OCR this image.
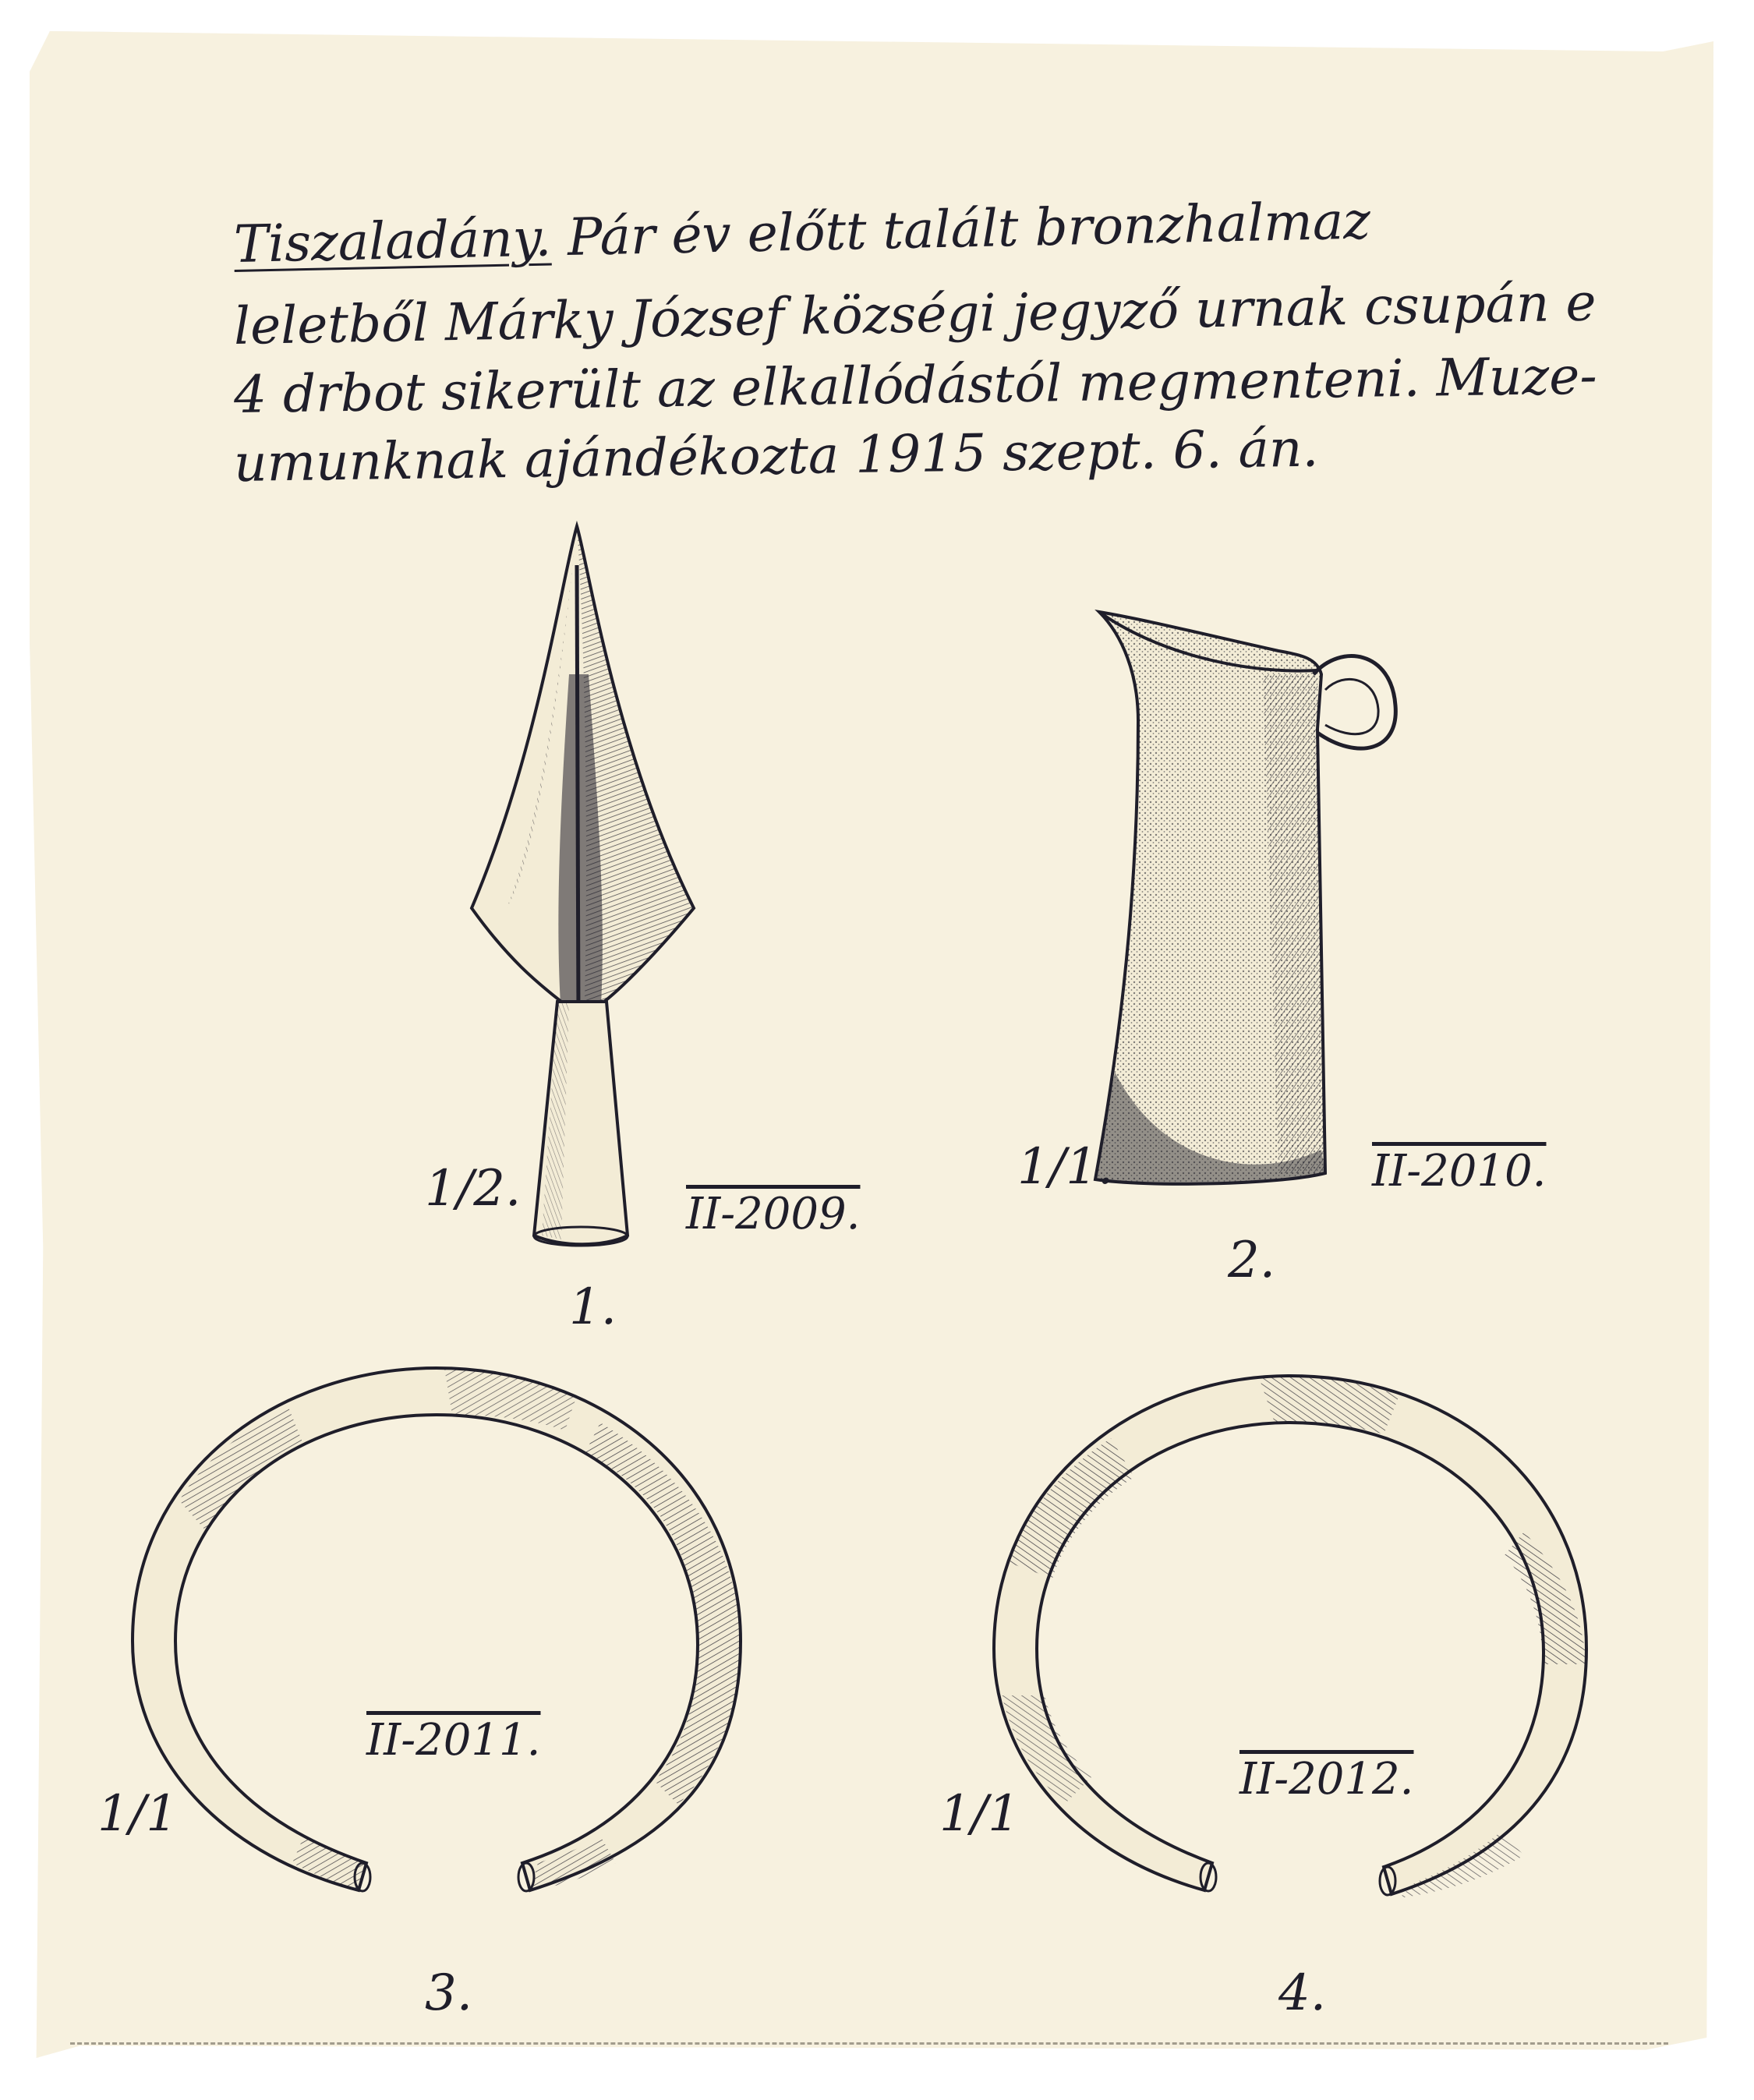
Tiszaladány. Pár év előtt talált bronzhalmaz
leletből Márky József községi jegyző urnak csupán e
4 drbot sikerült az elkallódástól megmenteni. Muze-
umunknak ajándékozta 1915 szept. 6. án.
1/2.	II-2009.
1.
1/1.	II-2010.
2.
1/1
II-2011.
3.
1/1
II-2012.
4.
